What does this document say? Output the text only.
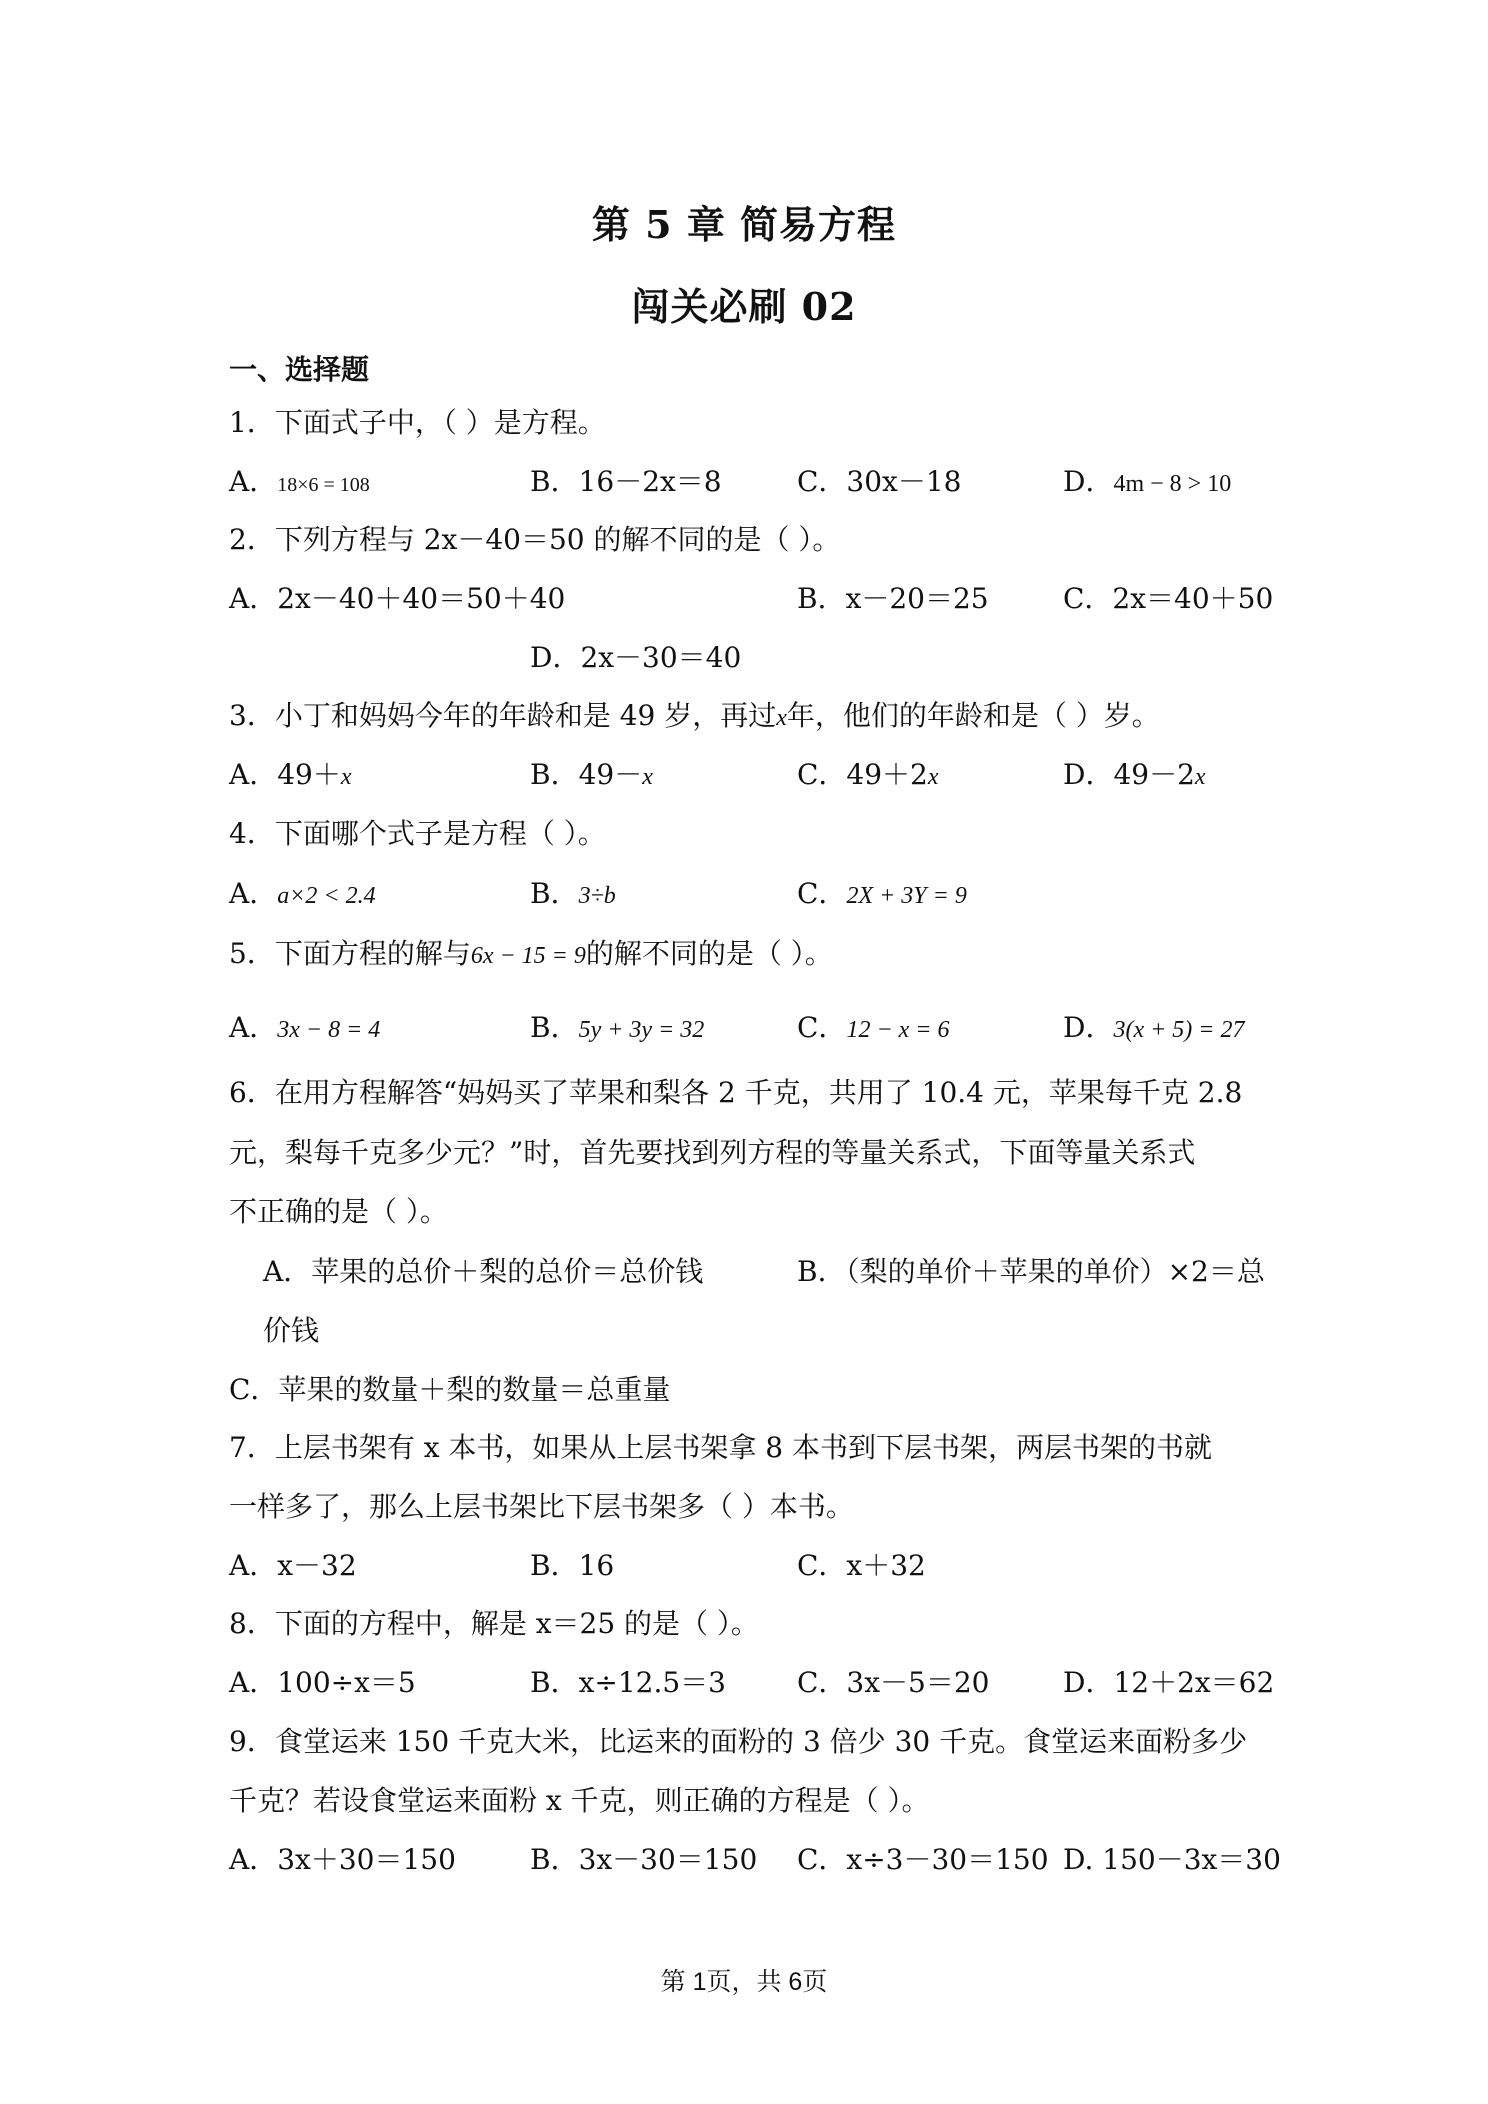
第 5 章 简易方程
闯关必刷 02
一、选择题
1．下面式子中，（ ）是方程。
A．18×6 = 108	B．16－2x＝8	C．30x－18	D．4m − 8 > 10
2．下列方程与 2x－40＝50 的解不同的是（ ）。
A．2x－40＋40＝50＋40	B．x－20＝25	C．2x＝40＋50
D．2x－30＝40
3．小丁和妈妈今年的年龄和是 49 岁，再过x年，他们的年龄和是（ ）岁。
A．49＋x	B．49－x	C．49＋2x	D．49－2x
4．下面哪个式子是方程（ ）。
A．a×2 < 2.4	B．3÷b	C．2X + 3Y = 9
5．下面方程的解与6x − 15 = 9的解不同的是（ ）。
A．3x − 8 = 4	B．5y + 3y = 32	C．12 − x = 6	D．3(x + 5) = 27
6．在用方程解答“妈妈买了苹果和梨各 2 千克，共用了 10.4 元，苹果每千克 2.8
元，梨每千克多少元？”时，首先要找到列方程的等量关系式，下面等量关系式
不正确的是（ ）。
A．苹果的总价＋梨的总价＝总价钱	B．（梨的单价＋苹果的单价）×2＝总
价钱
C．苹果的数量＋梨的数量＝总重量
7．上层书架有 x 本书，如果从上层书架拿 8 本书到下层书架，两层书架的书就
一样多了，那么上层书架比下层书架多（ ）本书。
A．x－32	B．16	C．x＋32
8．下面的方程中，解是 x＝25 的是（ ）。
A．100÷x＝5	B．x÷12.5＝3	C．3x－5＝20	D．12＋2x＝62
9．食堂运来 150 千克大米，比运来的面粉的 3 倍少 30 千克。食堂运来面粉多少
千克？若设食堂运来面粉 x 千克，则正确的方程是（ ）。
A．3x＋30＝150	B．3x－30＝150 C．x÷3－30＝150 D. 150－3x＝30
第 1页，共 6页
